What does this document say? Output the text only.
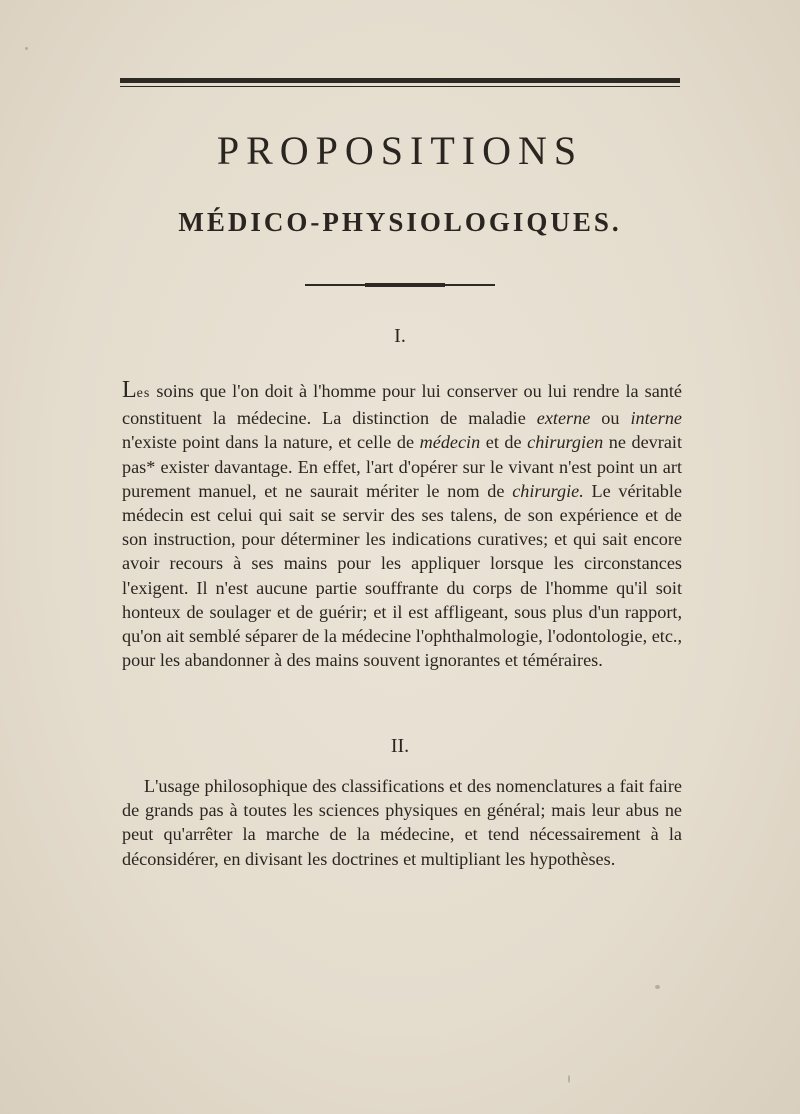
PROPOSITIONS
MÉDICO-PHYSIOLOGIQUES.
I.

Les soins que l'on doit à l'homme pour lui conserver ou lui rendre la santé constituent la médecine. La distinction de maladie externe ou interne n'existe point dans la nature, et celle de médecin et de chirurgien ne devrait pas* exister davantage. En effet, l'art d'opérer sur le vivant n'est point un art purement manuel, et ne saurait mériter le nom de chirurgie. Le véritable médecin est celui qui sait se servir des ses talens, de son expérience et de son instruction, pour déterminer les indications curatives; et qui sait encore avoir recours à ses mains pour les appliquer lorsque les circonstances l'exigent. Il n'est aucune partie souffrante du corps de l'homme qu'il soit honteux de soulager et de guérir; et il est affligeant, sous plus d'un rapport, qu'on ait semblé séparer de la médecine l'ophthalmologie, l'odontologie, etc., pour les abandonner à des mains souvent ignorantes et téméraires.

II.

L'usage philosophique des classifications et des nomenclatures a fait faire de grands pas à toutes les sciences physiques en général; mais leur abus ne peut qu'arrêter la marche de la médecine, et tend nécessairement à la déconsidérer, en divisant les doctrines et multipliant les hypothèses.
